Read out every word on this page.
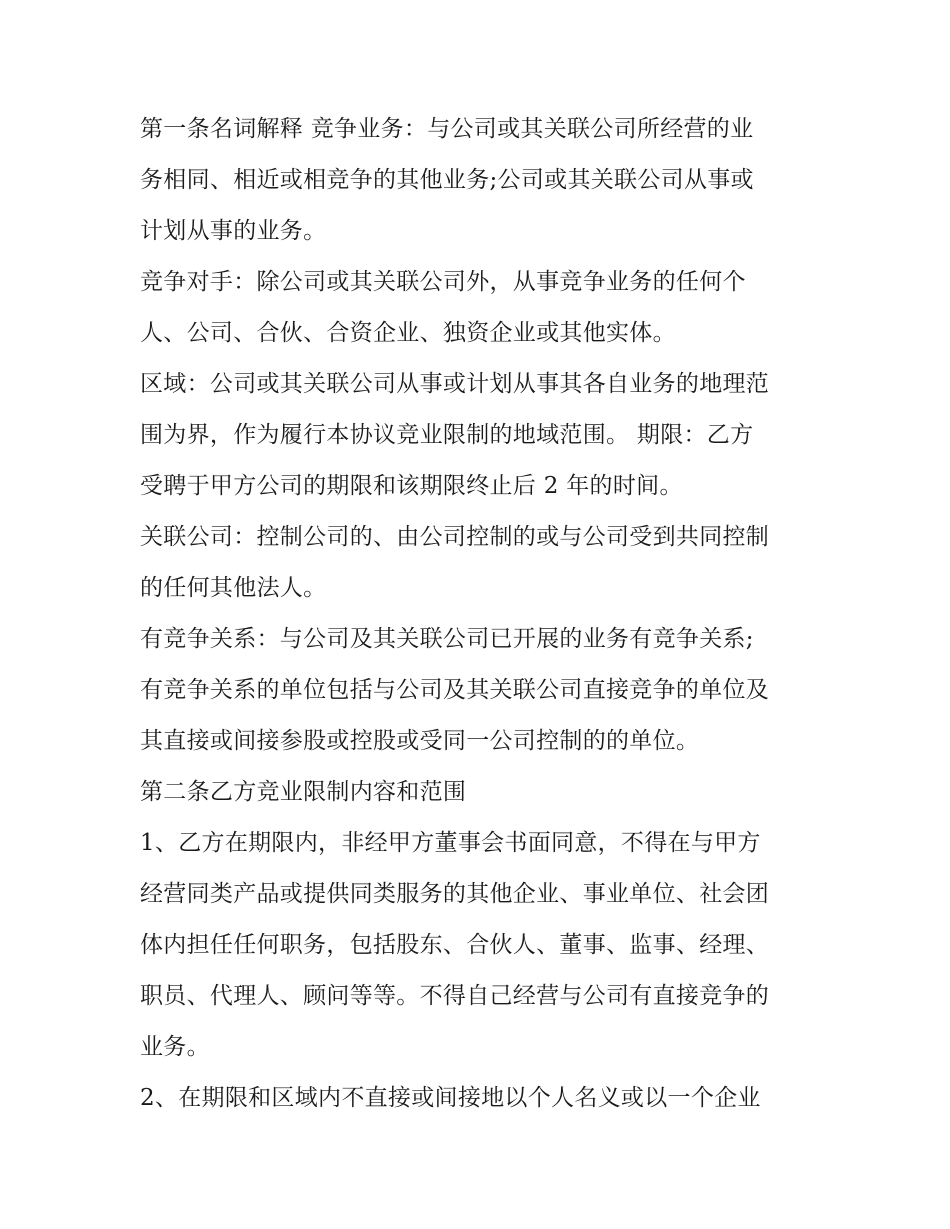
第一条名词解释 竞争业务：与公司或其关联公司所经营的业
务相同、相近或相竞争的其他业务;公司或其关联公司从事或
计划从事的业务。
竞争对手：除公司或其关联公司外，从事竞争业务的任何个
人、公司、合伙、合资企业、独资企业或其他实体。
区域：公司或其关联公司从事或计划从事其各自业务的地理范
围为界，作为履行本协议竞业限制的地域范围。 期限：乙方
受聘于甲方公司的期限和该期限终止后 2 年的时间。
关联公司：控制公司的、由公司控制的或与公司受到共同控制
的任何其他法人。
有竞争关系：与公司及其关联公司已开展的业务有竞争关系;
有竞争关系的单位包括与公司及其关联公司直接竞争的单位及
其直接或间接参股或控股或受同一公司控制的的单位。
第二条乙方竞业限制内容和范围
1、乙方在期限内，非经甲方董事会书面同意，不得在与甲方
经营同类产品或提供同类服务的其他企业、事业单位、社会团
体内担任任何职务，包括股东、合伙人、董事、监事、经理、
职员、代理人、顾问等等。不得自己经营与公司有直接竞争的
业务。
2、在期限和区域内不直接或间接地以个人名义或以一个企业
